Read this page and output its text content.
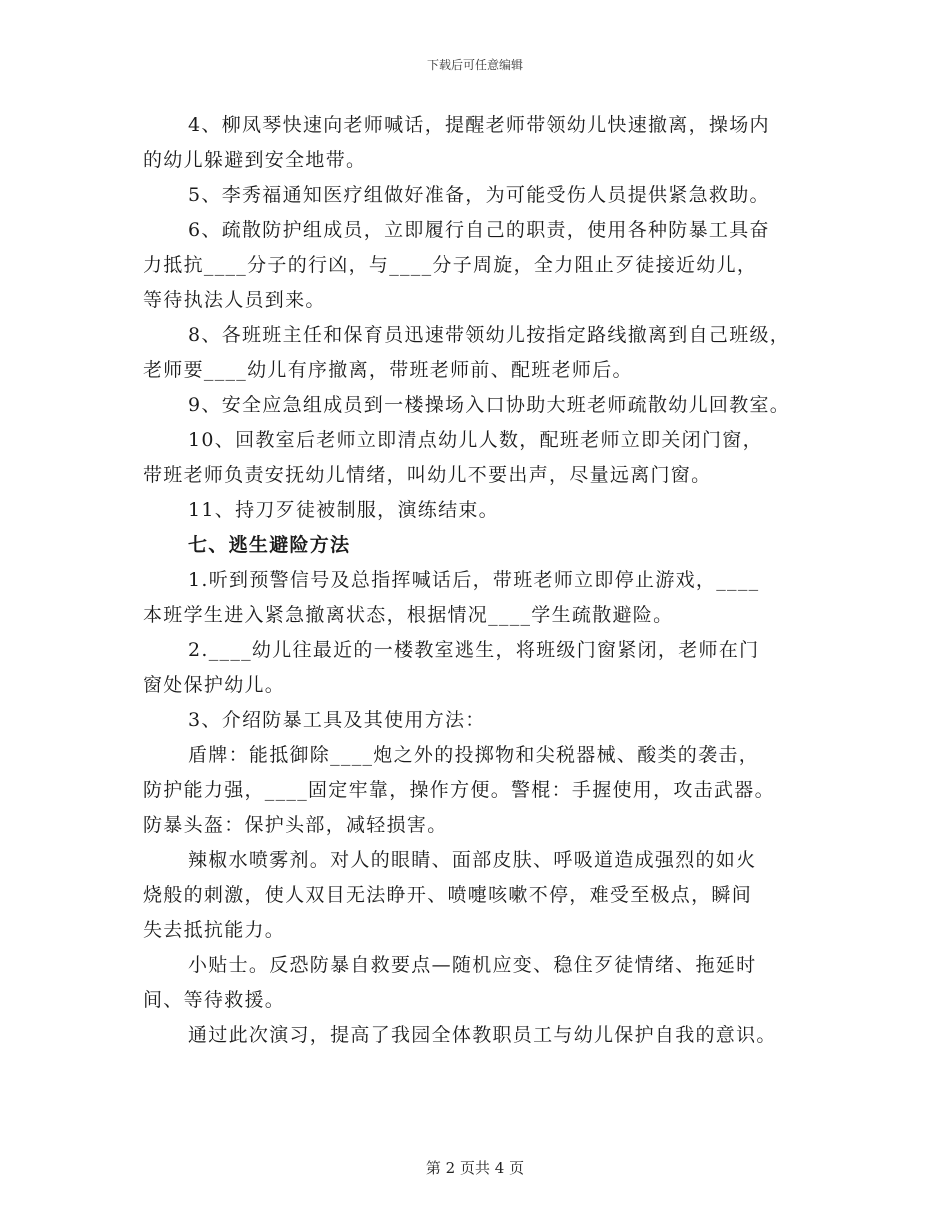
下载后可任意编辑
4、柳凤琴快速向老师喊话，提醒老师带领幼儿快速撤离，操场内
的幼儿躲避到安全地带。
5、李秀福通知医疗组做好准备，为可能受伤人员提供紧急救助。
6、疏散防护组成员，立即履行自己的职责，使用各种防暴工具奋
力抵抗____分子的行凶，与____分子周旋，全力阻止歹徒接近幼儿，
等待执法人员到来。
8、各班班主任和保育员迅速带领幼儿按指定路线撤离到自己班级，
老师要____幼儿有序撤离，带班老师前、配班老师后。
9、安全应急组成员到一楼操场入口协助大班老师疏散幼儿回教室。
10、回教室后老师立即清点幼儿人数，配班老师立即关闭门窗，
带班老师负责安抚幼儿情绪，叫幼儿不要出声，尽量远离门窗。
11、持刀歹徒被制服，演练结束。
七、逃生避险方法
1.听到预警信号及总指挥喊话后，带班老师立即停止游戏，____
本班学生进入紧急撤离状态，根据情况____学生疏散避险。
2.____幼儿往最近的一楼教室逃生，将班级门窗紧闭，老师在门
窗处保护幼儿。
3、介绍防暴工具及其使用方法：
盾牌：能抵御除____炮之外的投掷物和尖税器械、酸类的袭击，
防护能力强，____固定牢靠，操作方便。警棍：手握使用，攻击武器。
防暴头盔：保护头部，减轻损害。
辣椒水喷雾剂。对人的眼睛、面部皮肤、呼吸道造成强烈的如火
烧般的刺激，使人双目无法睁开、喷嚏咳嗽不停，难受至极点，瞬间
失去抵抗能力。
小贴士。反恐防暴自救要点—随机应变、稳住歹徒情绪、拖延时
间、等待救援。
通过此次演习，提高了我园全体教职员工与幼儿保护自我的意识。
第 2 页共 4 页
